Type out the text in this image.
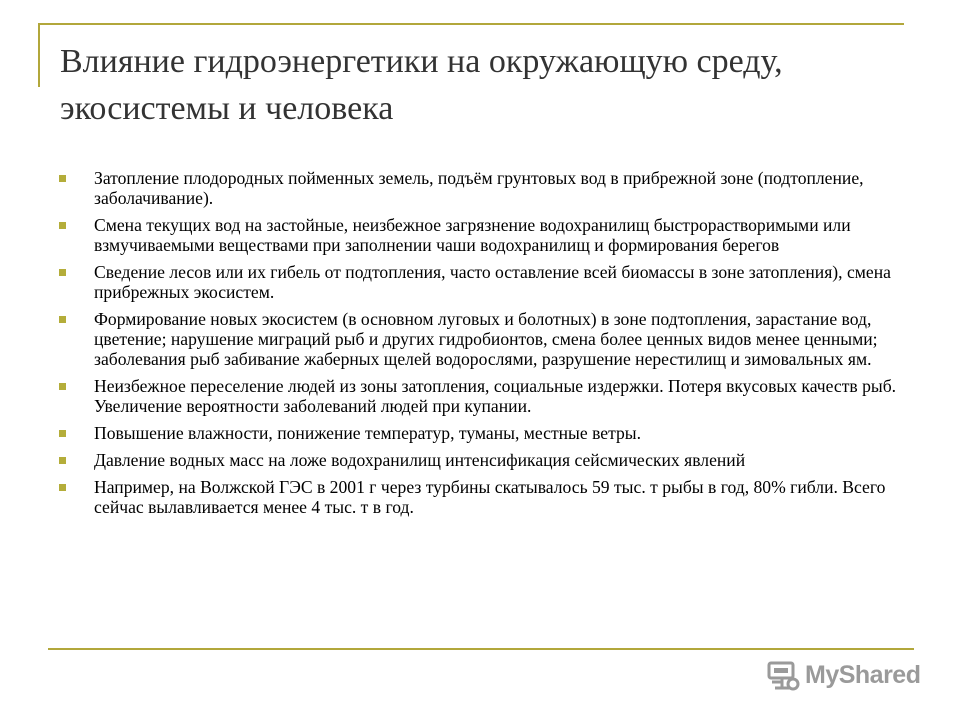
Влияние гидроэнергетики на окружающую среду, экосистемы и человека
Затопление плодородных пойменных земель, подъём грунтовых вод в прибрежной зоне (подтопление, заболачивание).
Смена текущих вод на застойные, неизбежное загрязнение водохранилищ быстрорастворимыми или взмучиваемыми веществами при заполнении чаши водохранилищ и формирования берегов
Сведение лесов или их гибель от подтопления, часто оставление всей биомассы в зоне затопления), смена прибрежных экосистем.
Формирование новых экосистем (в основном луговых и болотных) в зоне подтопления, зарастание вод, цветение; нарушение миграций рыб и других гидробионтов, смена более ценных видов менее ценными; заболевания рыб забивание жаберных щелей водорослями, разрушение нерестилищ и зимовальных ям.
Неизбежное переселение людей из зоны затопления, социальные издержки. Потеря вкусовых качеств рыб. Увеличение вероятности заболеваний людей при купании.
Повышение влажности, понижение температур, туманы, местные ветры.
Давление водных масс на ложе водохранилищ интенсификация сейсмических явлений
Например, на Волжской ГЭС в 2001 г через турбины скатывалось 59 тыс. т рыбы в год, 80% гибли. Всего сейчас вылавливается менее 4 тыс. т в год.
MyShared
